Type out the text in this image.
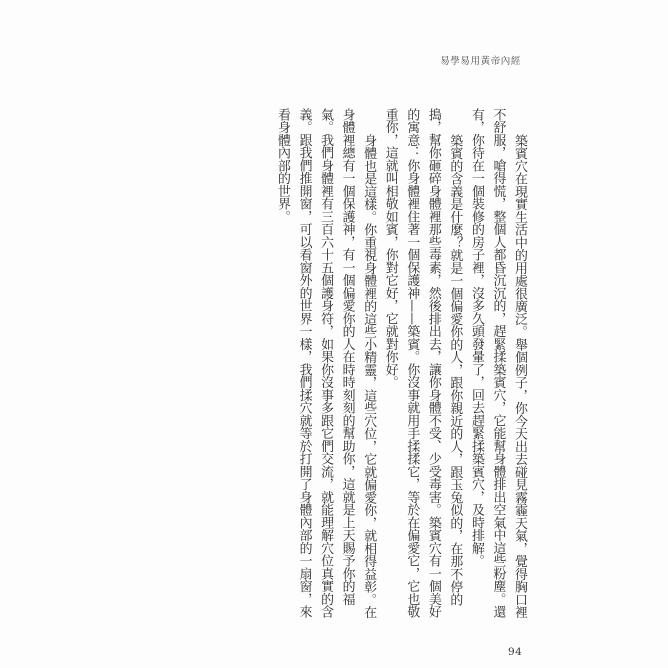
易學易用黃帝內經

築賓穴在現實生活中的用處很廣泛。舉個例子，你今天出去碰見霧霾天氣，覺得胸口裡不舒服，嗆得慌，整個人都昏沉沉的，趕緊揉築賓穴，它能幫身體排出空氣中這些粉塵。還有，你待在一個裝修的房子裡，沒多久頭發暈了，回去趕緊揉築賓穴，及時排解。

築賓的含義是什麼？就是一個偏愛你的人，跟你親近的人，跟玉兔似的，在那不停的搗，幫你砸碎身體裡那些毒素，然後排出去，讓你身體不受、少受毒害。築賓穴有一個美好的寓意：你身體裡住著一個保護神——築賓。你沒事就用手揉揉它，等於在偏愛它，它也敬重你，這就叫相敬如賓，你對它好，它就對你好。

身體也是這樣。你重視身體裡的這些小精靈，這些穴位，它就偏愛你，就相得益彰。在身體裡總有一個保護神，有一個偏愛你的人在時時刻刻的幫助你，這就是上天賜予你的福氣。我們身體裡有三百六十五個護身符，如果你沒事多跟它們交流，就能理解穴位真實的含義。跟我們推開窗，可以看窗外的世界一樣，我們揉穴就等於打開了身體內部的一扇窗，來看身體內部的世界。

94
